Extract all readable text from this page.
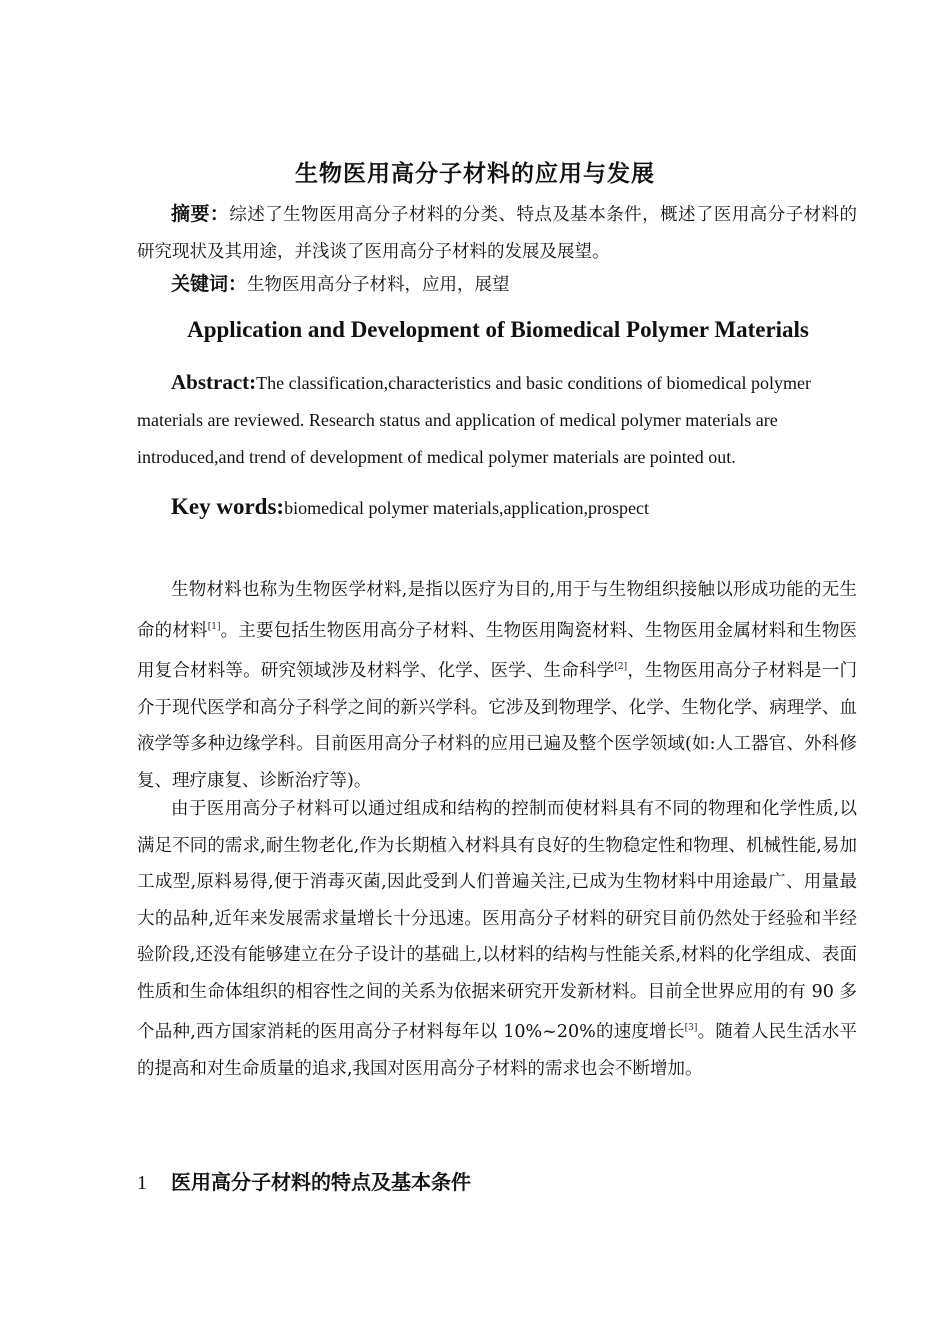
生物医用高分子材料的应用与发展

摘要：综述了生物医用高分子材料的分类、特点及基本条件，概述了医用高分子材料的研究现状及其用途，并浅谈了医用高分子材料的发展及展望。

关键词：生物医用高分子材料，应用，展望

Application and Development of Biomedical Polymer Materials

Abstract:The classification,characteristics and basic conditions of biomedical polymer materials are reviewed. Research status and application of medical polymer materials are introduced,and trend of development of medical polymer materials are pointed out.

Key words:biomedical polymer materials,application,prospect

生物材料也称为生物医学材料,是指以医疗为目的,用于与生物组织接触以形成功能的无生命的材料[1]。主要包括生物医用高分子材料、生物医用陶瓷材料、生物医用金属材料和生物医用复合材料等。研究领域涉及材料学、化学、医学、生命科学[2]，生物医用高分子材料是一门介于现代医学和高分子科学之间的新兴学科。它涉及到物理学、化学、生物化学、病理学、血液学等多种边缘学科。目前医用高分子材料的应用已遍及整个医学领域(如:人工器官、外科修复、理疗康复、诊断治疗等)。

由于医用高分子材料可以通过组成和结构的控制而使材料具有不同的物理和化学性质,以满足不同的需求,耐生物老化,作为长期植入材料具有良好的生物稳定性和物理、机械性能,易加工成型,原料易得,便于消毒灭菌,因此受到人们普遍关注,已成为生物材料中用途最广、用量最大的品种,近年来发展需求量增长十分迅速。医用高分子材料的研究目前仍然处于经验和半经验阶段,还没有能够建立在分子设计的基础上,以材料的结构与性能关系,材料的化学组成、表面性质和生命体组织的相容性之间的关系为依据来研究开发新材料。目前全世界应用的有 90 多个品种,西方国家消耗的医用高分子材料每年以 10%~20%的速度增长[3]。随着人民生活水平的提高和对生命质量的追求,我国对医用高分子材料的需求也会不断增加。

1 医用高分子材料的特点及基本条件
